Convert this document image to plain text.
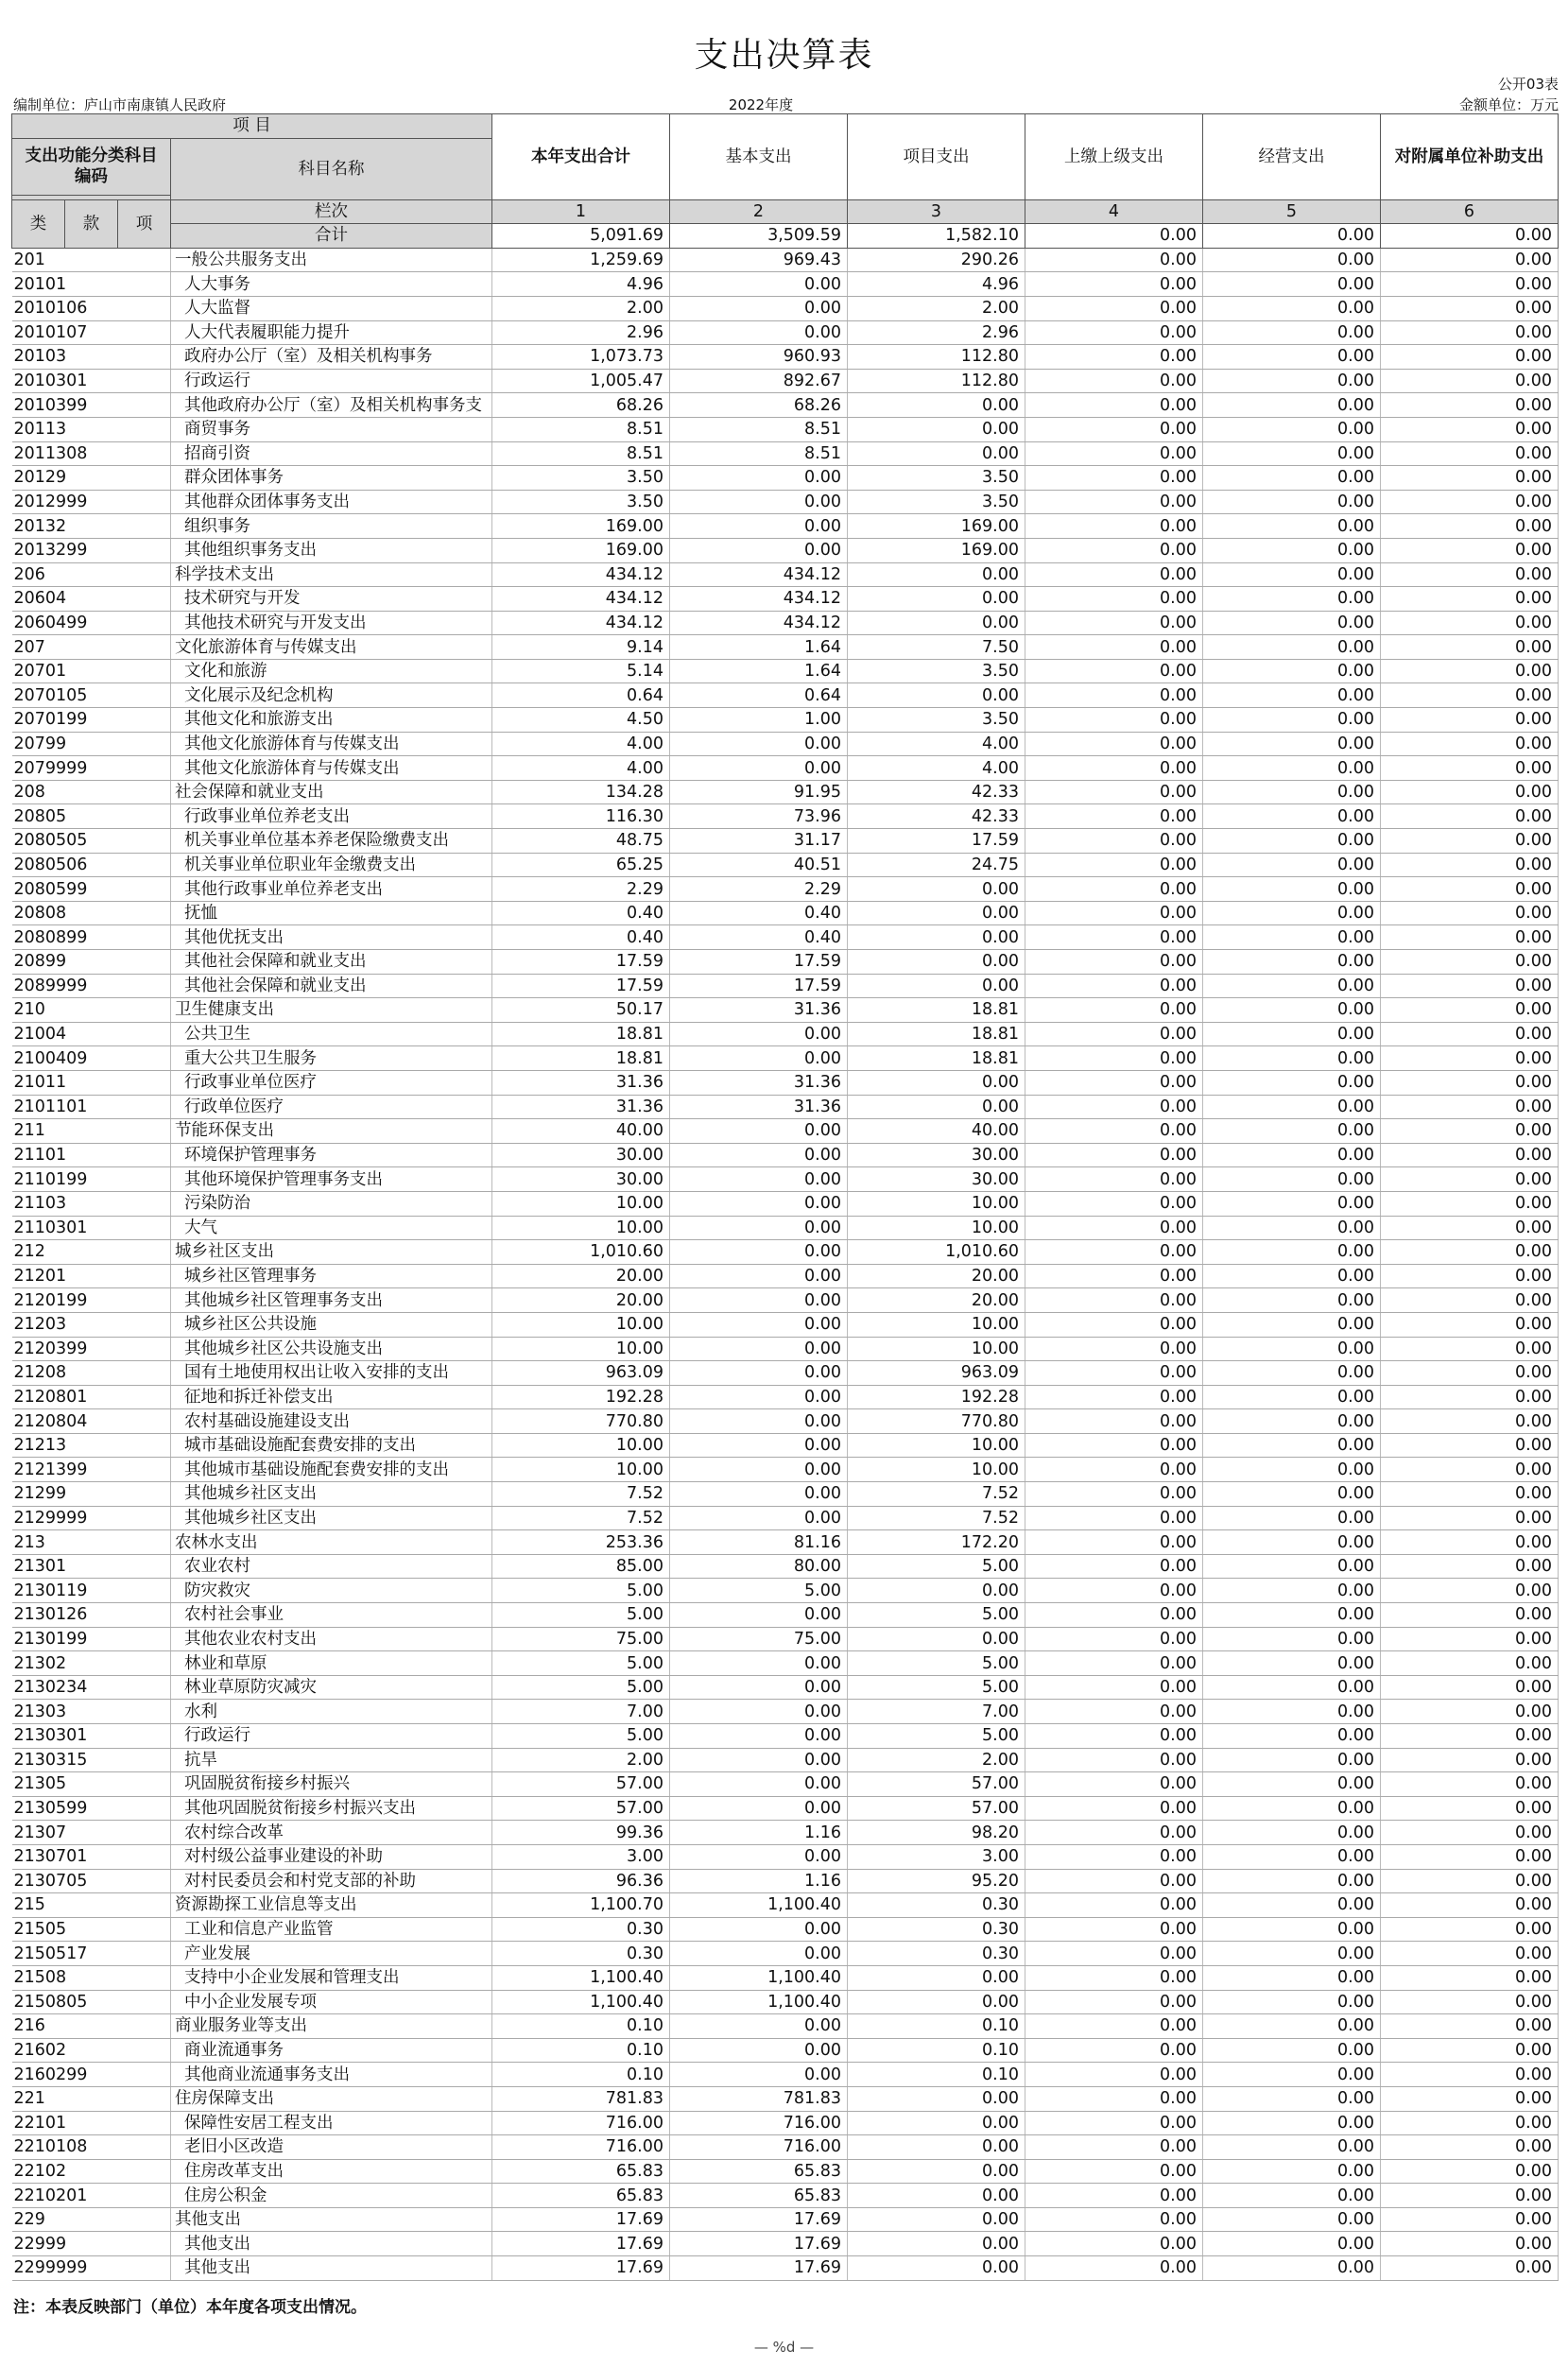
支出决算表
公开03表
编制单位：庐山市南康镇人民政府	2022年度	金额单位：万元
项 目				本年支出合计	基本支出	项目支出	上缴上级支出	经营支出	对附属单位补助支出
支出功能分类科目编码			科目名称						

类	款	项	栏次	1	2	3	4	5	6
			合计	5,091.69	3,509.59	1,582.10	0.00	0.00	0.00
201			一般公共服务支出	1,259.69	969.43	290.26	0.00	0.00	0.00
20101			人大事务	4.96	0.00	4.96	0.00	0.00	0.00
2010106			人大监督	2.00	0.00	2.00	0.00	0.00	0.00
2010107			人大代表履职能力提升	2.96	0.00	2.96	0.00	0.00	0.00
20103			政府办公厅（室）及相关机构事务	1,073.73	960.93	112.80	0.00	0.00	0.00
2010301			行政运行	1,005.47	892.67	112.80	0.00	0.00	0.00
2010399			其他政府办公厅（室）及相关机构事务支	68.26	68.26	0.00	0.00	0.00	0.00
20113			商贸事务	8.51	8.51	0.00	0.00	0.00	0.00
2011308			招商引资	8.51	8.51	0.00	0.00	0.00	0.00
20129			群众团体事务	3.50	0.00	3.50	0.00	0.00	0.00
2012999			其他群众团体事务支出	3.50	0.00	3.50	0.00	0.00	0.00
20132			组织事务	169.00	0.00	169.00	0.00	0.00	0.00
2013299			其他组织事务支出	169.00	0.00	169.00	0.00	0.00	0.00
206			科学技术支出	434.12	434.12	0.00	0.00	0.00	0.00
20604			技术研究与开发	434.12	434.12	0.00	0.00	0.00	0.00
2060499			其他技术研究与开发支出	434.12	434.12	0.00	0.00	0.00	0.00
207			文化旅游体育与传媒支出	9.14	1.64	7.50	0.00	0.00	0.00
20701			文化和旅游	5.14	1.64	3.50	0.00	0.00	0.00
2070105			文化展示及纪念机构	0.64	0.64	0.00	0.00	0.00	0.00
2070199			其他文化和旅游支出	4.50	1.00	3.50	0.00	0.00	0.00
20799			其他文化旅游体育与传媒支出	4.00	0.00	4.00	0.00	0.00	0.00
2079999			其他文化旅游体育与传媒支出	4.00	0.00	4.00	0.00	0.00	0.00
208			社会保障和就业支出	134.28	91.95	42.33	0.00	0.00	0.00
20805			行政事业单位养老支出	116.30	73.96	42.33	0.00	0.00	0.00
2080505			机关事业单位基本养老保险缴费支出	48.75	31.17	17.59	0.00	0.00	0.00
2080506			机关事业单位职业年金缴费支出	65.25	40.51	24.75	0.00	0.00	0.00
2080599			其他行政事业单位养老支出	2.29	2.29	0.00	0.00	0.00	0.00
20808			抚恤	0.40	0.40	0.00	0.00	0.00	0.00
2080899			其他优抚支出	0.40	0.40	0.00	0.00	0.00	0.00
20899			其他社会保障和就业支出	17.59	17.59	0.00	0.00	0.00	0.00
2089999			其他社会保障和就业支出	17.59	17.59	0.00	0.00	0.00	0.00
210			卫生健康支出	50.17	31.36	18.81	0.00	0.00	0.00
21004			公共卫生	18.81	0.00	18.81	0.00	0.00	0.00
2100409			重大公共卫生服务	18.81	0.00	18.81	0.00	0.00	0.00
21011			行政事业单位医疗	31.36	31.36	0.00	0.00	0.00	0.00
2101101			行政单位医疗	31.36	31.36	0.00	0.00	0.00	0.00
211			节能环保支出	40.00	0.00	40.00	0.00	0.00	0.00
21101			环境保护管理事务	30.00	0.00	30.00	0.00	0.00	0.00
2110199			其他环境保护管理事务支出	30.00	0.00	30.00	0.00	0.00	0.00
21103			污染防治	10.00	0.00	10.00	0.00	0.00	0.00
2110301			大气	10.00	0.00	10.00	0.00	0.00	0.00
212			城乡社区支出	1,010.60	0.00	1,010.60	0.00	0.00	0.00
21201			城乡社区管理事务	20.00	0.00	20.00	0.00	0.00	0.00
2120199			其他城乡社区管理事务支出	20.00	0.00	20.00	0.00	0.00	0.00
21203			城乡社区公共设施	10.00	0.00	10.00	0.00	0.00	0.00
2120399			其他城乡社区公共设施支出	10.00	0.00	10.00	0.00	0.00	0.00
21208			国有土地使用权出让收入安排的支出	963.09	0.00	963.09	0.00	0.00	0.00
2120801			征地和拆迁补偿支出	192.28	0.00	192.28	0.00	0.00	0.00
2120804			农村基础设施建设支出	770.80	0.00	770.80	0.00	0.00	0.00
21213			城市基础设施配套费安排的支出	10.00	0.00	10.00	0.00	0.00	0.00
2121399			其他城市基础设施配套费安排的支出	10.00	0.00	10.00	0.00	0.00	0.00
21299			其他城乡社区支出	7.52	0.00	7.52	0.00	0.00	0.00
2129999			其他城乡社区支出	7.52	0.00	7.52	0.00	0.00	0.00
213			农林水支出	253.36	81.16	172.20	0.00	0.00	0.00
21301			农业农村	85.00	80.00	5.00	0.00	0.00	0.00
2130119			防灾救灾	5.00	5.00	0.00	0.00	0.00	0.00
2130126			农村社会事业	5.00	0.00	5.00	0.00	0.00	0.00
2130199			其他农业农村支出	75.00	75.00	0.00	0.00	0.00	0.00
21302			林业和草原	5.00	0.00	5.00	0.00	0.00	0.00
2130234			林业草原防灾减灾	5.00	0.00	5.00	0.00	0.00	0.00
21303			水利	7.00	0.00	7.00	0.00	0.00	0.00
2130301			行政运行	5.00	0.00	5.00	0.00	0.00	0.00
2130315			抗旱	2.00	0.00	2.00	0.00	0.00	0.00
21305			巩固脱贫衔接乡村振兴	57.00	0.00	57.00	0.00	0.00	0.00
2130599			其他巩固脱贫衔接乡村振兴支出	57.00	0.00	57.00	0.00	0.00	0.00
21307			农村综合改革	99.36	1.16	98.20	0.00	0.00	0.00
2130701			对村级公益事业建设的补助	3.00	0.00	3.00	0.00	0.00	0.00
2130705			对村民委员会和村党支部的补助	96.36	1.16	95.20	0.00	0.00	0.00
215			资源勘探工业信息等支出	1,100.70	1,100.40	0.30	0.00	0.00	0.00
21505			工业和信息产业监管	0.30	0.00	0.30	0.00	0.00	0.00
2150517			产业发展	0.30	0.00	0.30	0.00	0.00	0.00
21508			支持中小企业发展和管理支出	1,100.40	1,100.40	0.00	0.00	0.00	0.00
2150805			中小企业发展专项	1,100.40	1,100.40	0.00	0.00	0.00	0.00
216			商业服务业等支出	0.10	0.00	0.10	0.00	0.00	0.00
21602			商业流通事务	0.10	0.00	0.10	0.00	0.00	0.00
2160299			其他商业流通事务支出	0.10	0.00	0.10	0.00	0.00	0.00
221			住房保障支出	781.83	781.83	0.00	0.00	0.00	0.00
22101			保障性安居工程支出	716.00	716.00	0.00	0.00	0.00	0.00
2210108			老旧小区改造	716.00	716.00	0.00	0.00	0.00	0.00
22102			住房改革支出	65.83	65.83	0.00	0.00	0.00	0.00
2210201			住房公积金	65.83	65.83	0.00	0.00	0.00	0.00
229			其他支出	17.69	17.69	0.00	0.00	0.00	0.00
22999			其他支出	17.69	17.69	0.00	0.00	0.00	0.00
2299999			其他支出	17.69	17.69	0.00	0.00	0.00	0.00
注：本表反映部门（单位）本年度各项支出情况。
— %d —
